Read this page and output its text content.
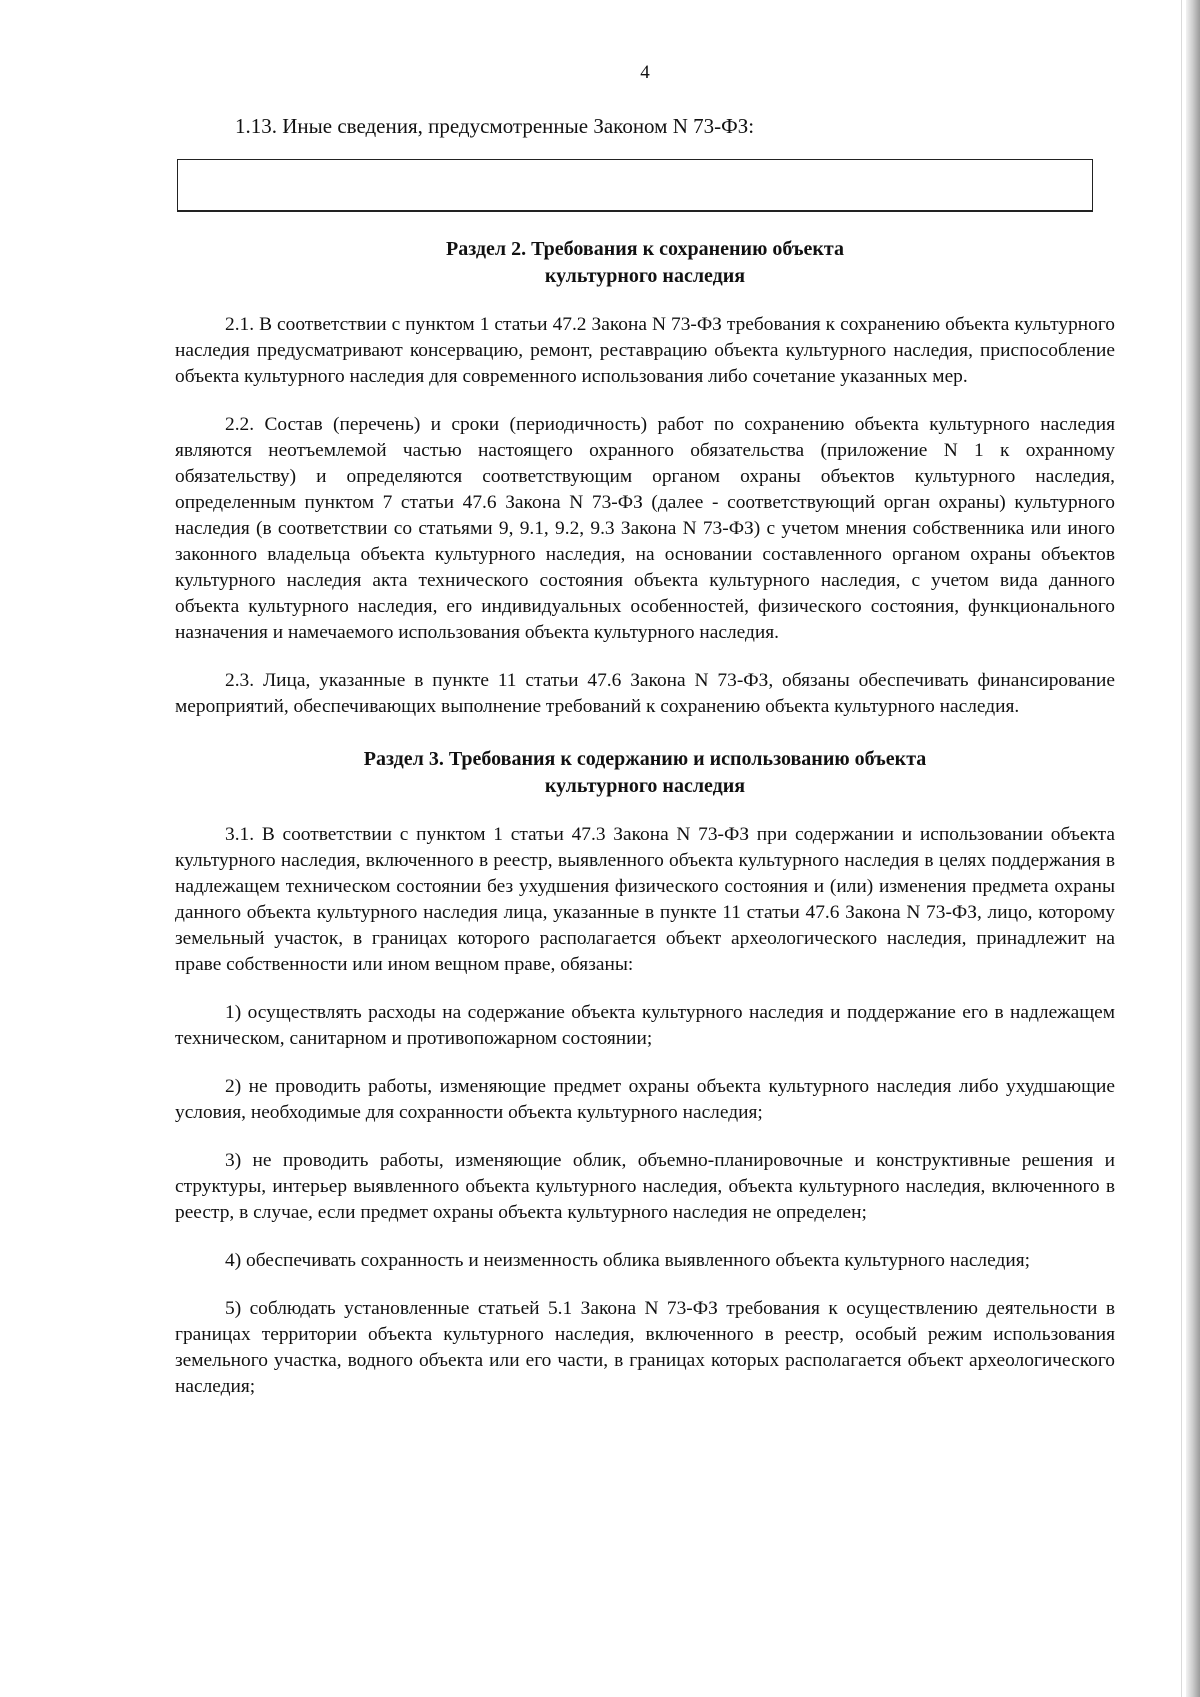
4

1.13. Иные сведения, предусмотренные Законом N 73-ФЗ:

Раздел 2. Требования к сохранению объекта

культурного наследия

2.1. В соответствии с пунктом 1 статьи 47.2 Закона N 73-ФЗ требования к сохранению объекта культурного наследия предусматривают консервацию, ремонт, реставрацию объекта культурного наследия, приспособление объекта культурного наследия для современного использования либо сочетание указанных мер.

2.2. Состав (перечень) и сроки (периодичность) работ по сохранению объекта культурного наследия являются неотъемлемой частью настоящего охранного обязательства (приложение N 1 к охранному обязательству) и определяются соответствующим органом охраны объектов культурного наследия, определенным пунктом 7 статьи 47.6 Закона N 73-ФЗ (далее - соответствующий орган охраны) культурного наследия (в соответствии со статьями 9, 9.1, 9.2, 9.3 Закона N 73-ФЗ) с учетом мнения собственника или иного законного владельца объекта культурного наследия, на основании составленного органом охраны объектов культурного наследия акта технического состояния объекта культурного наследия, с учетом вида данного объекта культурного наследия, его индивидуальных особенностей, физического состояния, функционального назначения и намечаемого использования объекта культурного наследия.

2.3. Лица, указанные в пункте 11 статьи 47.6 Закона N 73-ФЗ, обязаны обеспечивать финансирование мероприятий, обеспечивающих выполнение требований к сохранению объекта культурного наследия.

Раздел 3. Требования к содержанию и использованию объекта

культурного наследия

3.1. В соответствии с пунктом 1 статьи 47.3 Закона N 73-ФЗ при содержании и использовании объекта культурного наследия, включенного в реестр, выявленного объекта культурного наследия в целях поддержания в надлежащем техническом состоянии без ухудшения физического состояния и (или) изменения предмета охраны данного объекта культурного наследия лица, указанные в пункте 11 статьи 47.6 Закона N 73-ФЗ, лицо, которому земельный участок, в границах которого располагается объект археологического наследия, принадлежит на праве собственности или ином вещном праве, обязаны:

1) осуществлять расходы на содержание объекта культурного наследия и поддержание его в надлежащем техническом, санитарном и противопожарном состоянии;

2) не проводить работы, изменяющие предмет охраны объекта культурного наследия либо ухудшающие условия, необходимые для сохранности объекта культурного наследия;

3) не проводить работы, изменяющие облик, объемно-планировочные и конструктивные решения и структуры, интерьер выявленного объекта культурного наследия, объекта культурного наследия, включенного в реестр, в случае, если предмет охраны объекта культурного наследия не определен;

4) обеспечивать сохранность и неизменность облика выявленного объекта культурного наследия;

5) соблюдать установленные статьей 5.1 Закона N 73-ФЗ требования к осуществлению деятельности в границах территории объекта культурного наследия, включенного в реестр, особый режим использования земельного участка, водного объекта или его части, в границах которых располагается объект археологического наследия;
